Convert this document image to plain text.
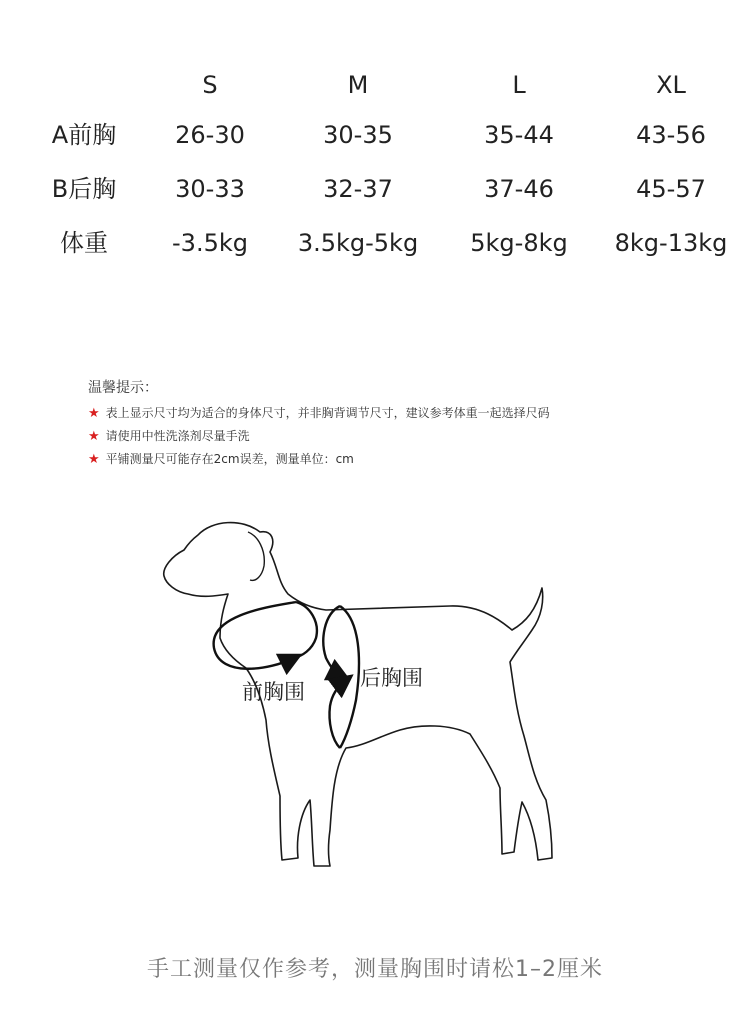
S	M	L	XL
A前胸 26-30	30-35	35-44	43-56
B后胸 30-33	32-37	37-46	45-57
体重	-3.5kg 3.5kg-5kg 5kg-8kg 8kg-13kg
温馨提示：
★ 表上显示尺寸均为适合的身体尺寸，并非胸背调节尺寸，建议参考体重一起选择尺码
★ 请使用中性洗涤剂尽量手洗
★ 平铺测量尺可能存在2cm误差，测量单位：cm
前胸围
后胸围
手工测量仅作参考，测量胸围时请松1–2厘米
